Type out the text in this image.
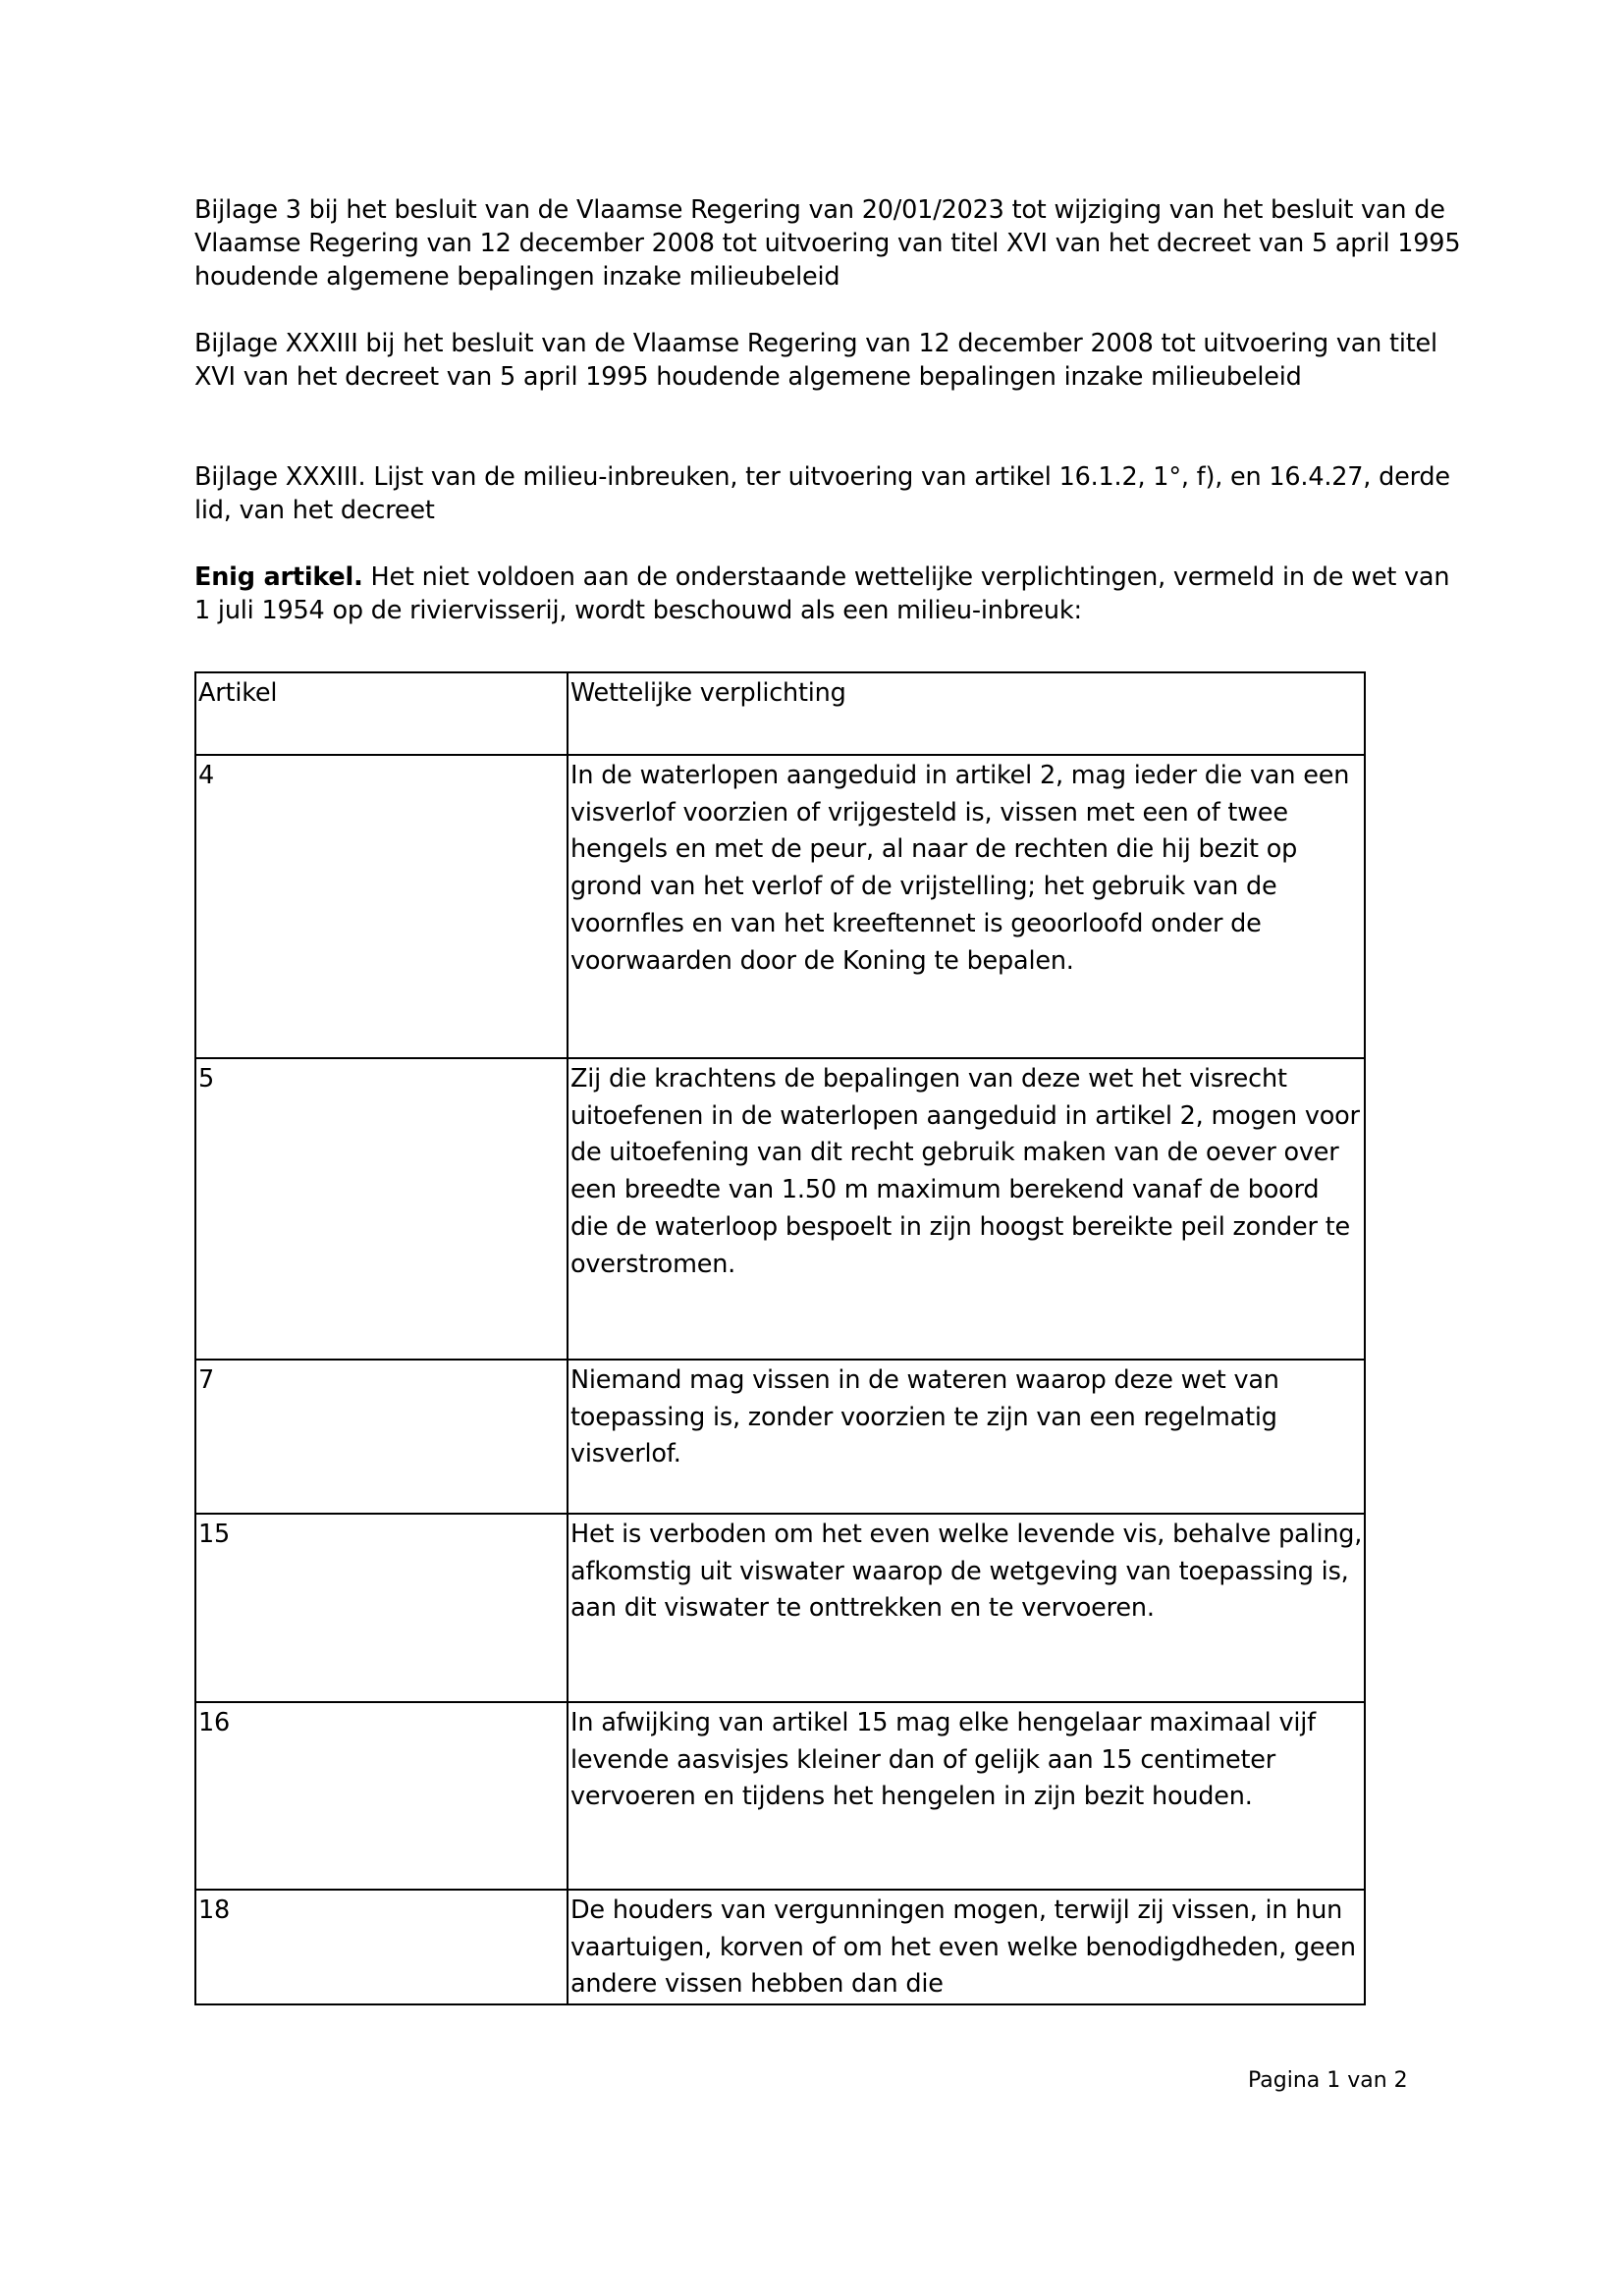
Bijlage 3 bij het besluit van de Vlaamse Regering van 20/01/2023 tot wijziging van het besluit van de Vlaamse Regering van 12 december 2008 tot uitvoering van titel XVI van het decreet van 5 april 1995 houdende algemene bepalingen inzake milieubeleid

Bijlage XXXIII bij het besluit van de Vlaamse Regering van 12 december 2008 tot uitvoering van titel XVI van het decreet van 5 april 1995 houdende algemene bepalingen inzake milieubeleid

Bijlage XXXIII. Lijst van de milieu-inbreuken, ter uitvoering van artikel 16.1.2, 1°, f), en 16.4.27, derde lid, van het decreet

Enig artikel. Het niet voldoen aan de onderstaande wettelijke verplichtingen, vermeld in de wet van 1 juli 1954 op de riviervisserij, wordt beschouwd als een milieu-inbreuk:

Artikel	Wettelijke verplichting
4	In de waterlopen aangeduid in artikel 2, mag ieder die van een visverlof voorzien of vrijgesteld is, vissen met een of twee hengels en met de peur, al naar de rechten die hij bezit op grond van het verlof of de vrijstelling; het gebruik van de voornfles en van het kreeftennet is geoorloofd onder de voorwaarden door de Koning te bepalen.
5	Zij die krachtens de bepalingen van deze wet het visrecht uitoefenen in de waterlopen aangeduid in artikel 2, mogen voor de uitoefening van dit recht gebruik maken van de oever over een breedte van 1.50 m maximum berekend vanaf de boord die de waterloop bespoelt in zijn hoogst bereikte peil zonder te overstromen.
7	Niemand mag vissen in de wateren waarop deze wet van toepassing is, zonder voorzien te zijn van een regelmatig visverlof.
15	Het is verboden om het even welke levende vis, behalve paling, afkomstig uit viswater waarop de wetgeving van toepassing is, aan dit viswater te onttrekken en te vervoeren.
16	In afwijking van artikel 15 mag elke hengelaar maximaal vijf levende aasvisjes kleiner dan of gelijk aan 15 centimeter vervoeren en tijdens het hengelen in zijn bezit houden.
18	De houders van vergunningen mogen, terwijl zij vissen, in hun vaartuigen, korven of om het even welke benodigdheden, geen andere vissen hebben dan die
Pagina 1 van 2
